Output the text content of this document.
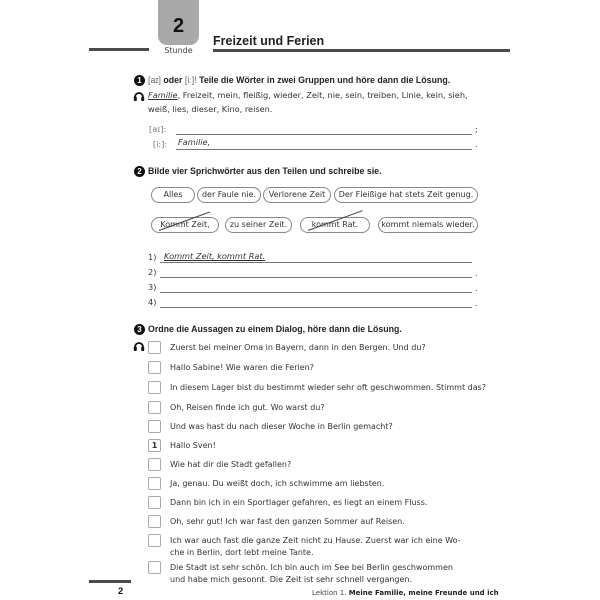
2
Stunde
Freizeit und Ferien
1 [aɪ] oder [iː]! Teile die Wörter in zwei Gruppen und höre dann die Lösung.
Familie, Freizeit, mein, fleißig, wieder, Zeit, nie, sein, treiben, Linie, kein, sieh,
weiß, lies, dieser, Kino, reisen.
[aɪ]:	;
[iː]: Familie,	.
2 Bilde vier Sprichwörter aus den Teilen und schreibe sie.
Alles	der Faule nie.	Verlorene Zeit	Der Fleißige hat stets Zeit genug.
Kommt Zeit,	zu seiner Zeit.	kommt Rat.	kommt niemals wieder.
1) Kommt Zeit, kommt Rat.
2)	.
3)	.
4)	.
3 Ordne die Aussagen zu einem Dialog, höre dann die Lösung.
Zuerst bei meiner Oma in Bayern, dann in den Bergen. Und du?
Hallo Sabine! Wie waren die Ferien?
In diesem Lager bist du bestimmt wieder sehr oft geschwommen. Stimmt das?
Oh, Reisen finde ich gut. Wo warst du?
Und was hast du nach dieser Woche in Berlin gemacht?
1	Hallo Sven!
Wie hat dir die Stadt gefallen?
Ja, genau. Du weißt doch, ich schwimme am liebsten.
Dann bin ich in ein Sportlager gefahren, es liegt an einem Fluss.
Oh, sehr gut! Ich war fast den ganzen Sommer auf Reisen.
Ich war auch fast die ganze Zeit nicht zu Hause. Zuerst war ich eine Wo-
che in Berlin, dort lebt meine Tante.
Die Stadt ist sehr schön. Ich bin auch im See bei Berlin geschwommen
und habe mich gesonnt. Die Zeit ist sehr schnell vergangen.
2	Lektion 1. Meine Familie, meine Freunde und ich
